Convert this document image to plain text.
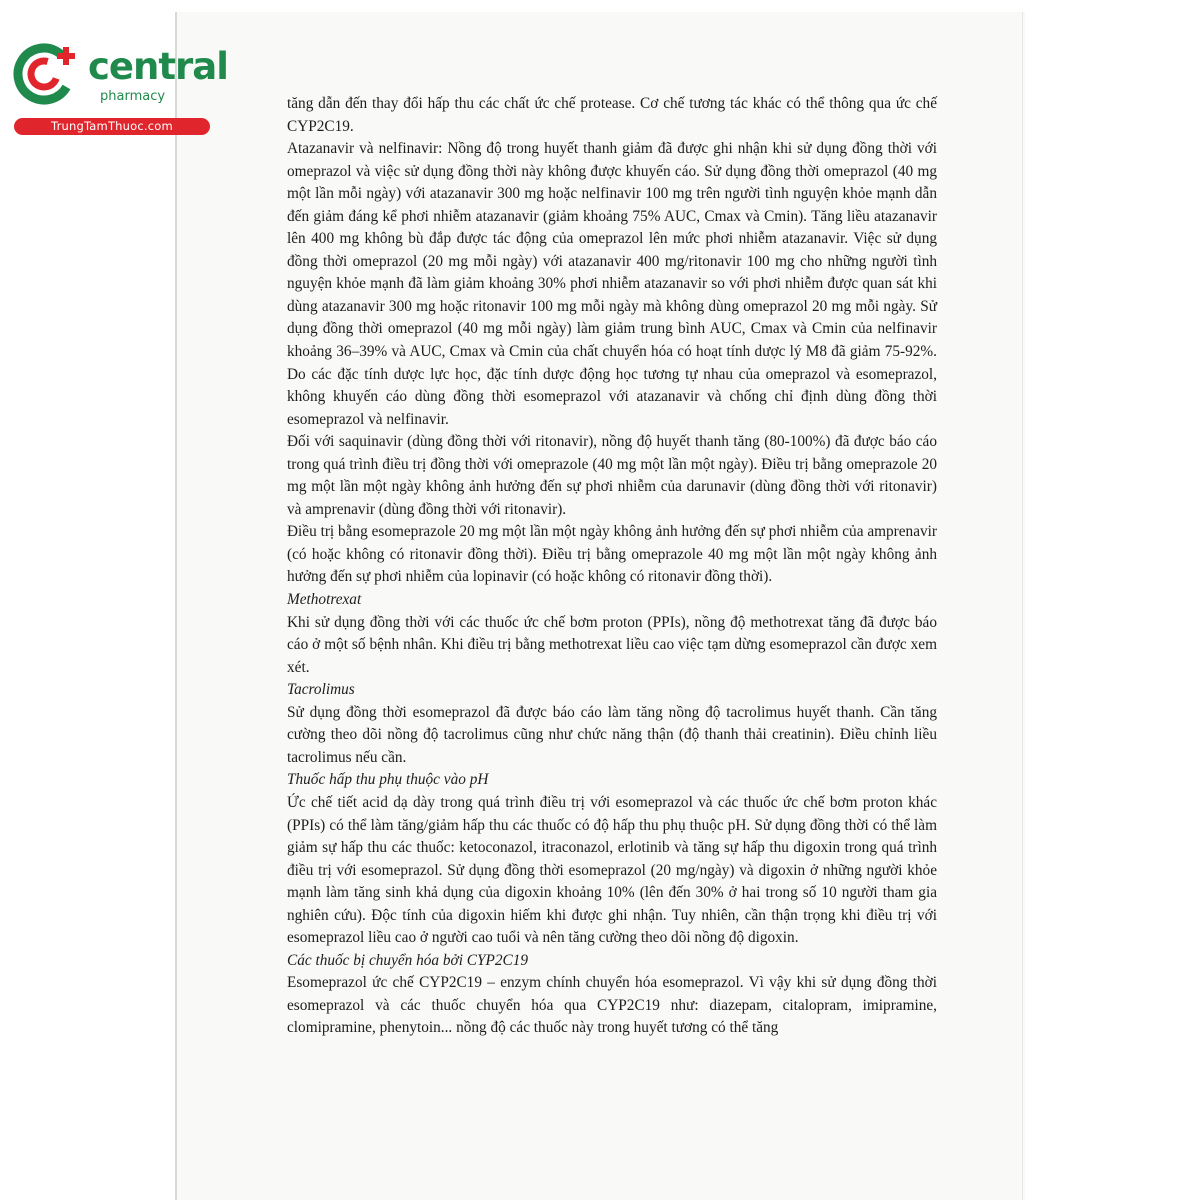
central
pharmacy
TrungTamThuoc.com

tăng dẫn đến thay đổi hấp thu các chất ức chế protease. Cơ chế tương tác khác có thể thông qua ức chế CYP2C19.

Atazanavir và nelfinavir: Nồng độ trong huyết thanh giảm đã được ghi nhận khi sử dụng đồng thời với omeprazol và việc sử dụng đồng thời này không được khuyến cáo. Sử dụng đồng thời omeprazol (40 mg một lần mỗi ngày) với atazanavir 300 mg hoặc nelfinavir 100 mg trên người tình nguyện khỏe mạnh dẫn đến giảm đáng kể phơi nhiễm atazanavir (giảm khoảng 75% AUC, Cmax và Cmin). Tăng liều atazanavir lên 400 mg không bù đắp được tác động của omeprazol lên mức phơi nhiễm atazanavir. Việc sử dụng đồng thời omeprazol (20 mg mỗi ngày) với atazanavir 400 mg/ritonavir 100 mg cho những người tình nguyện khỏe mạnh đã làm giảm khoảng 30% phơi nhiễm atazanavir so với phơi nhiễm được quan sát khi dùng atazanavir 300 mg hoặc ritonavir 100 mg mỗi ngày mà không dùng omeprazol 20 mg mỗi ngày. Sử dụng đồng thời omeprazol (40 mg mỗi ngày) làm giảm trung bình AUC, Cmax và Cmin của nelfinavir khoảng 36–39% và AUC, Cmax và Cmin của chất chuyển hóa có hoạt tính dược lý M8 đã giảm 75-92%. Do các đặc tính dược lực học, đặc tính dược động học tương tự nhau của omeprazol và esomeprazol, không khuyến cáo dùng đồng thời esomeprazol với atazanavir và chống chỉ định dùng đồng thời esomeprazol và nelfinavir.

Đối với saquinavir (dùng đồng thời với ritonavir), nồng độ huyết thanh tăng (80-100%) đã được báo cáo trong quá trình điều trị đồng thời với omeprazole (40 mg một lần một ngày). Điều trị bằng omeprazole 20 mg một lần một ngày không ảnh hưởng đến sự phơi nhiễm của darunavir (dùng đồng thời với ritonavir) và amprenavir (dùng đồng thời với ritonavir).

Điều trị bằng esomeprazole 20 mg một lần một ngày không ảnh hưởng đến sự phơi nhiễm của amprenavir (có hoặc không có ritonavir đồng thời). Điều trị bằng omeprazole 40 mg một lần một ngày không ảnh hưởng đến sự phơi nhiễm của lopinavir (có hoặc không có ritonavir đồng thời).

Methotrexat

Khi sử dụng đồng thời với các thuốc ức chế bơm proton (PPIs), nồng độ methotrexat tăng đã được báo cáo ở một số bệnh nhân. Khi điều trị bằng methotrexat liều cao việc tạm dừng esomeprazol cần được xem xét.

Tacrolimus

Sử dụng đồng thời esomeprazol đã được báo cáo làm tăng nồng độ tacrolimus huyết thanh. Cần tăng cường theo dõi nồng độ tacrolimus cũng như chức năng thận (độ thanh thải creatinin). Điều chỉnh liều tacrolimus nếu cần.

Thuốc hấp thu phụ thuộc vào pH

Ức chế tiết acid dạ dày trong quá trình điều trị với esomeprazol và các thuốc ức chế bơm proton khác (PPIs) có thể làm tăng/giảm hấp thu các thuốc có độ hấp thu phụ thuộc pH. Sử dụng đồng thời có thể làm giảm sự hấp thu các thuốc: ketoconazol, itraconazol, erlotinib và tăng sự hấp thu digoxin trong quá trình điều trị với esomeprazol. Sử dụng đồng thời esomeprazol (20 mg/ngày) và digoxin ở những người khỏe mạnh làm tăng sinh khả dụng của digoxin khoảng 10% (lên đến 30% ở hai trong số 10 người tham gia nghiên cứu). Độc tính của digoxin hiếm khi được ghi nhận. Tuy nhiên, cần thận trọng khi điều trị với esomeprazol liều cao ở người cao tuổi và nên tăng cường theo dõi nồng độ digoxin.

Các thuốc bị chuyển hóa bởi CYP2C19

Esomeprazol ức chế CYP2C19 – enzym chính chuyển hóa esomeprazol. Vì vậy khi sử dụng đồng thời esomeprazol và các thuốc chuyển hóa qua CYP2C19 như: diazepam, citalopram, imipramine, clomipramine, phenytoin... nồng độ các thuốc này trong huyết tương có thể tăng
